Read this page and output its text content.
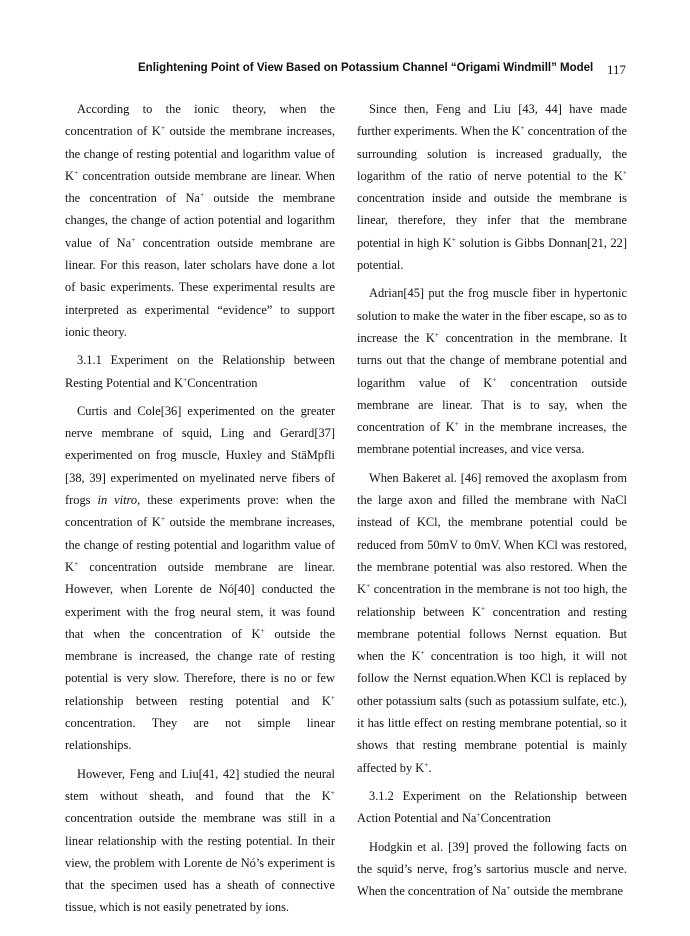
Enlightening Point of View Based on Potassium Channel “Origami Windmill” Model 117

According to the ionic theory, when the concentration of K+ outside the membrane increases, the change of resting potential and logarithm value of K+ concentration outside membrane are linear. When the concentration of Na+ outside the membrane changes, the change of action potential and logarithm value of Na+ concentration outside membrane are linear. For this reason, later scholars have done a lot of basic experiments. These experimental results are interpreted as experimental “evidence” to support ionic theory.

3.1.1 Experiment on the Relationship between Resting Potential and K+Concentration

Curtis and Cole[36] experimented on the greater nerve membrane of squid, Ling and Gerard[37] experimented on frog muscle, Huxley and StäMpfli [38, 39] experimented on myelinated nerve fibers of frogs in vitro, these experiments prove: when the concentration of K+ outside the membrane increases, the change of resting potential and logarithm value of K+ concentration outside membrane are linear. However, when Lorente de Nó[40] conducted the experiment with the frog neural stem, it was found that when the concentration of K+ outside the membrane is increased, the change rate of resting potential is very slow. Therefore, there is no or few relationship between resting potential and K+ concentration. They are not simple linear relationships.

However, Feng and Liu[41, 42] studied the neural stem without sheath, and found that the K+ concentration outside the membrane was still in a linear relationship with the resting potential. In their view, the problem with Lorente de Nó’s experiment is that the specimen used has a sheath of connective tissue, which is not easily penetrated by ions.

Since then, Feng and Liu [43, 44] have made further experiments. When the K+ concentration of the surrounding solution is increased gradually, the logarithm of the ratio of nerve potential to the K+ concentration inside and outside the membrane is linear, therefore, they infer that the membrane potential in high K+ solution is Gibbs Donnan[21, 22] potential.

Adrian[45] put the frog muscle fiber in hypertonic solution to make the water in the fiber escape, so as to increase the K+ concentration in the membrane. It turns out that the change of membrane potential and logarithm value of K+ concentration outside membrane are linear. That is to say, when the concentration of K+ in the membrane increases, the membrane potential increases, and vice versa.

When Bakeret al. [46] removed the axoplasm from the large axon and filled the membrane with NaCl instead of KCl, the membrane potential could be reduced from 50mV to 0mV. When KCl was restored, the membrane potential was also restored. When the K+ concentration in the membrane is not too high, the relationship between K+ concentration and resting membrane potential follows Nernst equation. But when the K+ concentration is too high, it will not follow the Nernst equation.When KCl is replaced by other potassium salts (such as potassium sulfate, etc.), it has little effect on resting membrane potential, so it shows that resting membrane potential is mainly affected by K+.

3.1.2 Experiment on the Relationship between Action Potential and Na+Concentration

Hodgkin et al. [39] proved the following facts on the squid’s nerve, frog’s sartorius muscle and nerve. When the concentration of Na+ outside the membrane
